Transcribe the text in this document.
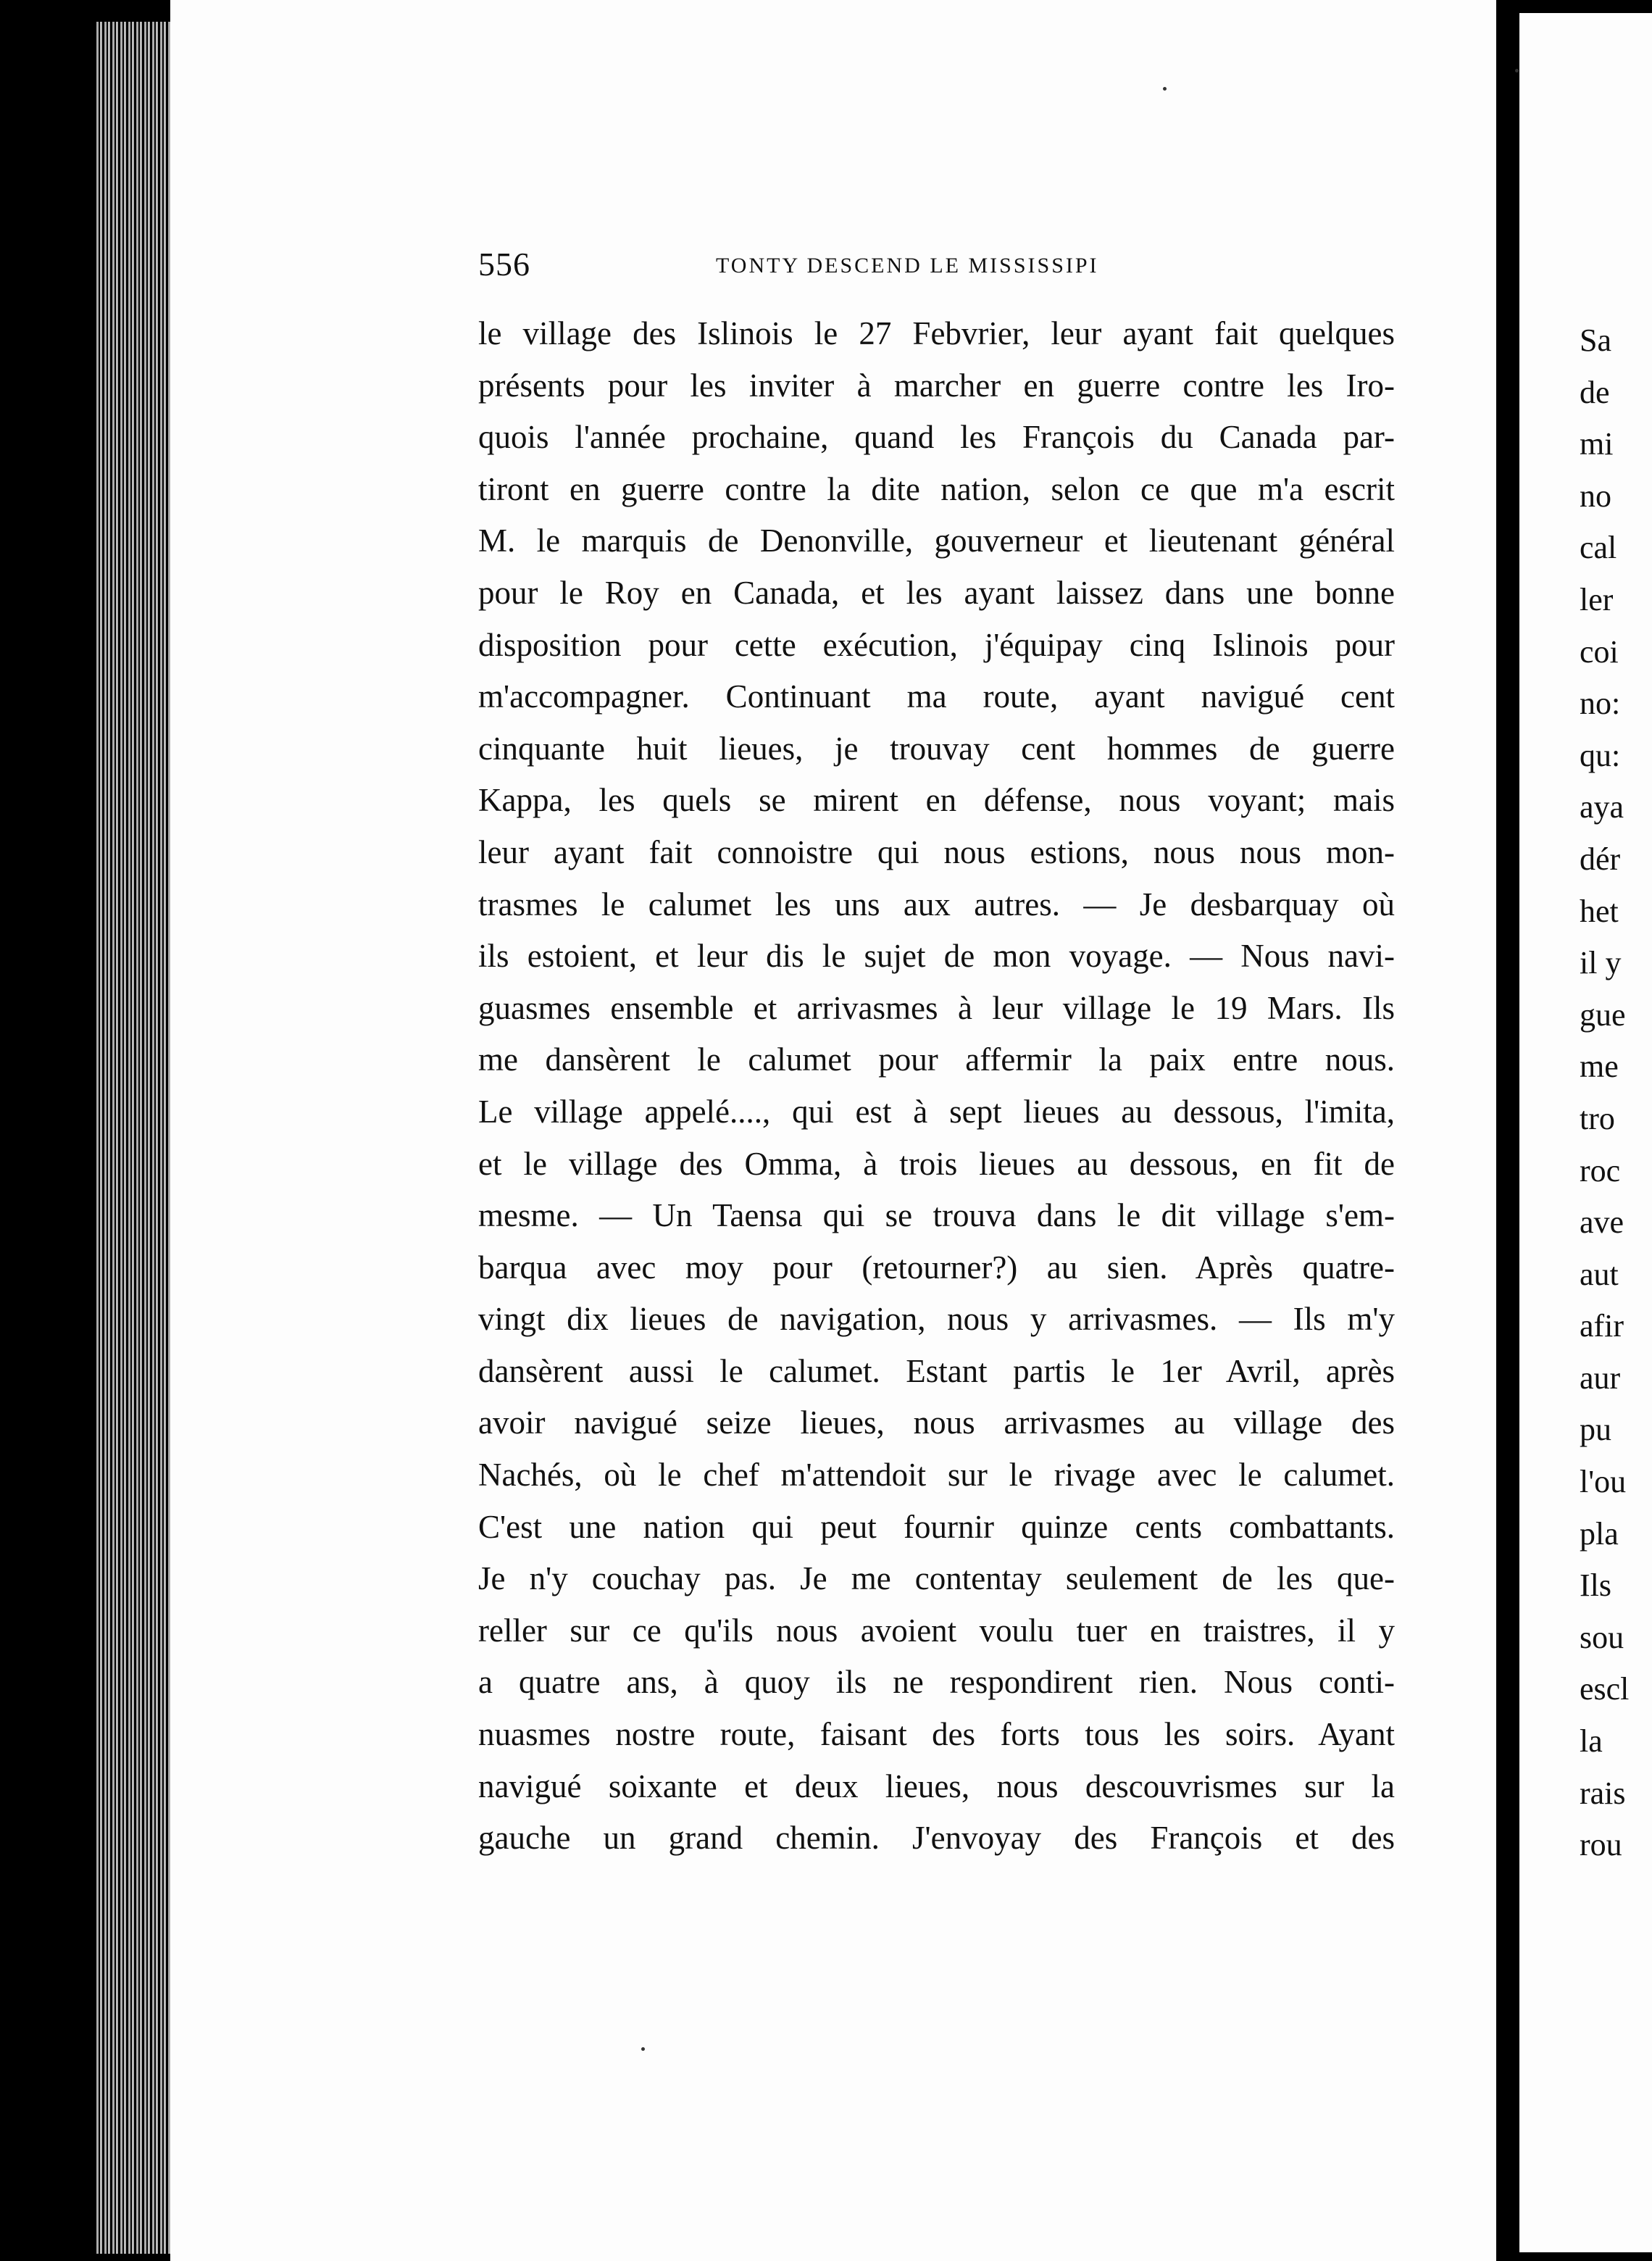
556	TONTY DESCEND LE MISSISSIPI
le village des Islinois le 27 Febvrier, leur ayant fait quelques
présents pour les inviter à marcher en guerre contre les Iro-
quois l'année prochaine, quand les François du Canada par-
tiront en guerre contre la dite nation, selon ce que m'a escrit
M. le marquis de Denonville, gouverneur et lieutenant général
pour le Roy en Canada, et les ayant laissez dans une bonne
disposition pour cette exécution, j'équipay cinq Islinois pour
m'accompagner. Continuant ma route, ayant navigué cent
cinquante huit lieues, je trouvay cent hommes de guerre
Kappa, les quels se mirent en défense, nous voyant; mais
leur ayant fait connoistre qui nous estions, nous nous mon-
trasmes le calumet les uns aux autres. — Je desbarquay où
ils estoient, et leur dis le sujet de mon voyage. — Nous navi-
guasmes ensemble et arrivasmes à leur village le 19 Mars. Ils
me dansèrent le calumet pour affermir la paix entre nous.
Le village appelé...., qui est à sept lieues au dessous, l'imita,
et le village des Omma, à trois lieues au dessous, en fit de
mesme. — Un Taensa qui se trouva dans le dit village s'em-
barqua avec moy pour (retourner?) au sien. Après quatre-
vingt dix lieues de navigation, nous y arrivasmes. — Ils m'y
dansèrent aussi le calumet. Estant partis le 1er Avril, après
avoir navigué seize lieues, nous arrivasmes au village des
Nachés, où le chef m'attendoit sur le rivage avec le calumet.
C'est une nation qui peut fournir quinze cents combattants.
Je n'y couchay pas. Je me contentay seulement de les que-
reller sur ce qu'ils nous avoient voulu tuer en traistres, il y
a quatre ans, à quoy ils ne respondirent rien. Nous conti-
nuasmes nostre route, faisant des forts tous les soirs. Ayant
navigué soixante et deux lieues, nous descouvrismes sur la
gauche un grand chemin. J'envoyay des François et des
Sa
de
mi
no
cal
ler
coi
no:
qu:
aya
dér
het
il y
gue
me
tro
roc
ave
aut
afir
aur
pu
l'ou
pla
Ils
sou
escl
la
rais
rou
